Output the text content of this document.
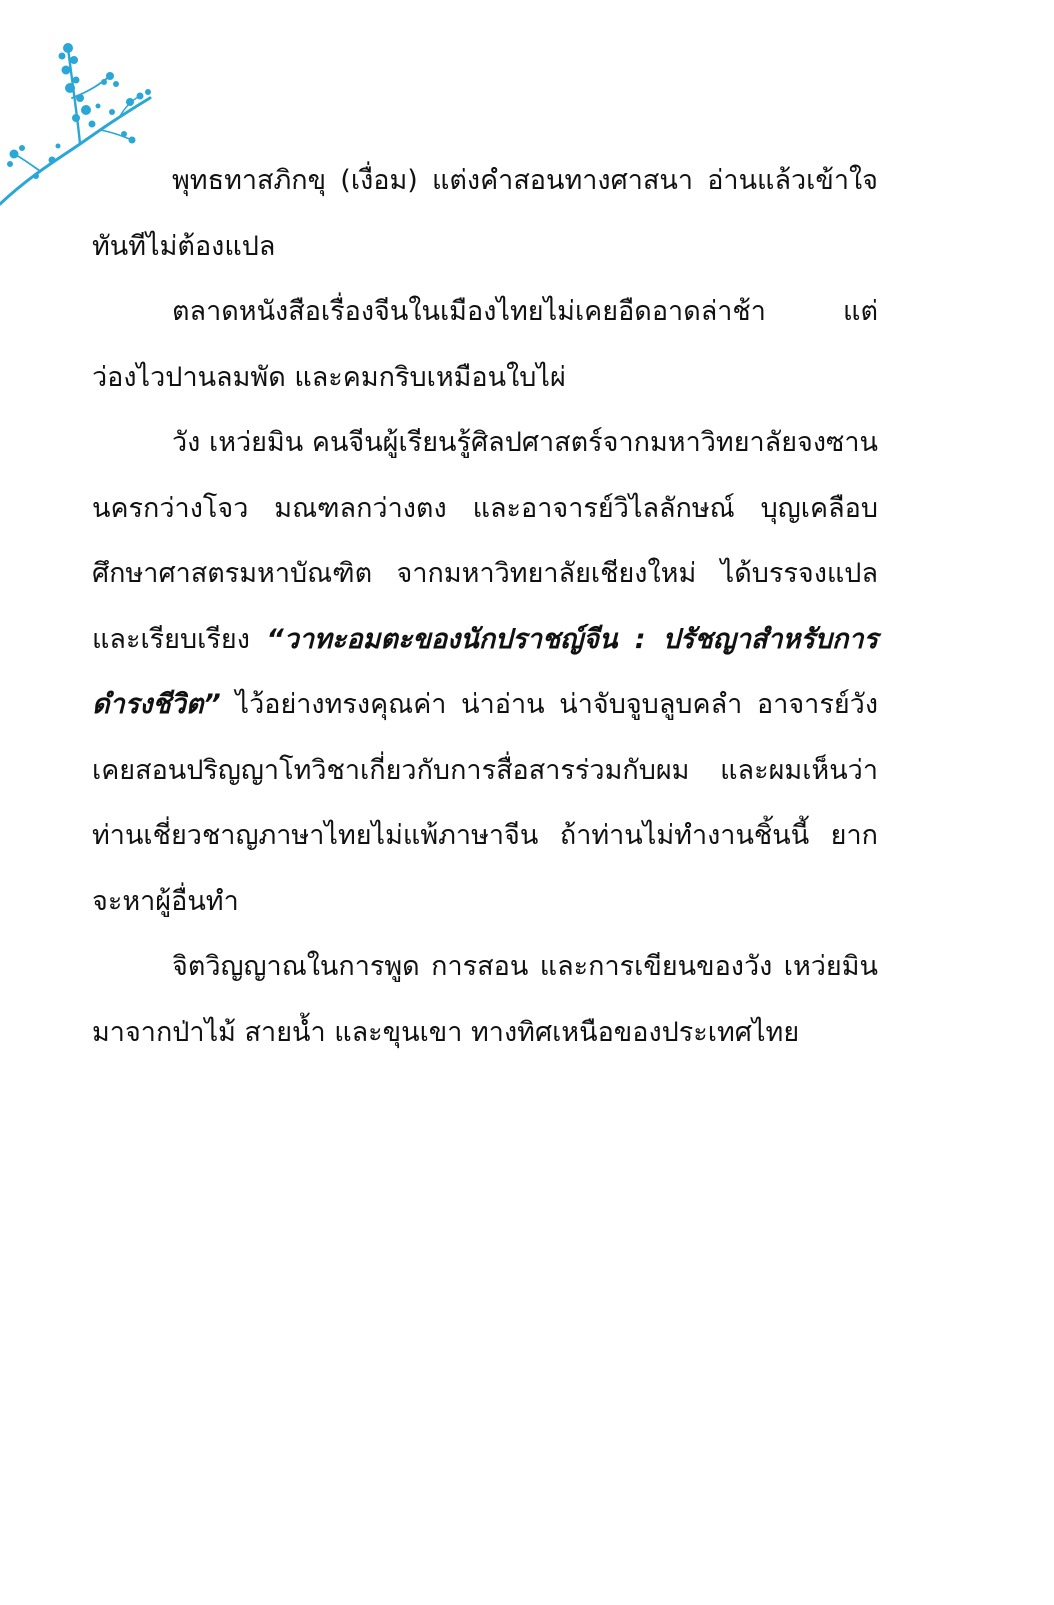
พุทธทาสภิกขุ (เงื่อม) แต่งคำสอนทางศาสนา อ่านแล้วเข้าใจทันทีไม่ต้องแปล

ตลาดหนังสือเรื่องจีนในเมืองไทยไม่เคยอืดอาดล่าช้า แต่ว่องไวปานลมพัด และคมกริบเหมือนใบไผ่

วัง เหว่ยมิน คนจีนผู้เรียนรู้ศิลปศาสตร์จากมหาวิทยาลัยจงซาน นครกว่างโจว มณฑลกว่างตง และอาจารย์วิไลลักษณ์ บุญเคลือบ ศึกษาศาสตรมหาบัณฑิต จากมหาวิทยาลัยเชียงใหม่ ได้บรรจงแปลและเรียบเรียง “วาทะอมตะของนักปราชญ์จีน : ปรัชญาสำหรับการดำรงชีวิต” ไว้อย่างทรงคุณค่า น่าอ่าน น่าจับจูบลูบคลำ อาจารย์วังเคยสอนปริญญาโทวิชาเกี่ยวกับการสื่อสารร่วมกับผม และผมเห็นว่า ท่านเชี่ยวชาญภาษาไทยไม่แพ้ภาษาจีน ถ้าท่านไม่ทำงานชิ้นนี้ ยากจะหาผู้อื่นทำ

จิตวิญญาณในการพูด การสอน และการเขียนของวัง เหว่ยมิน มาจากป่าไม้ สายน้ำ และขุนเขา ทางทิศเหนือของประเทศไทย
